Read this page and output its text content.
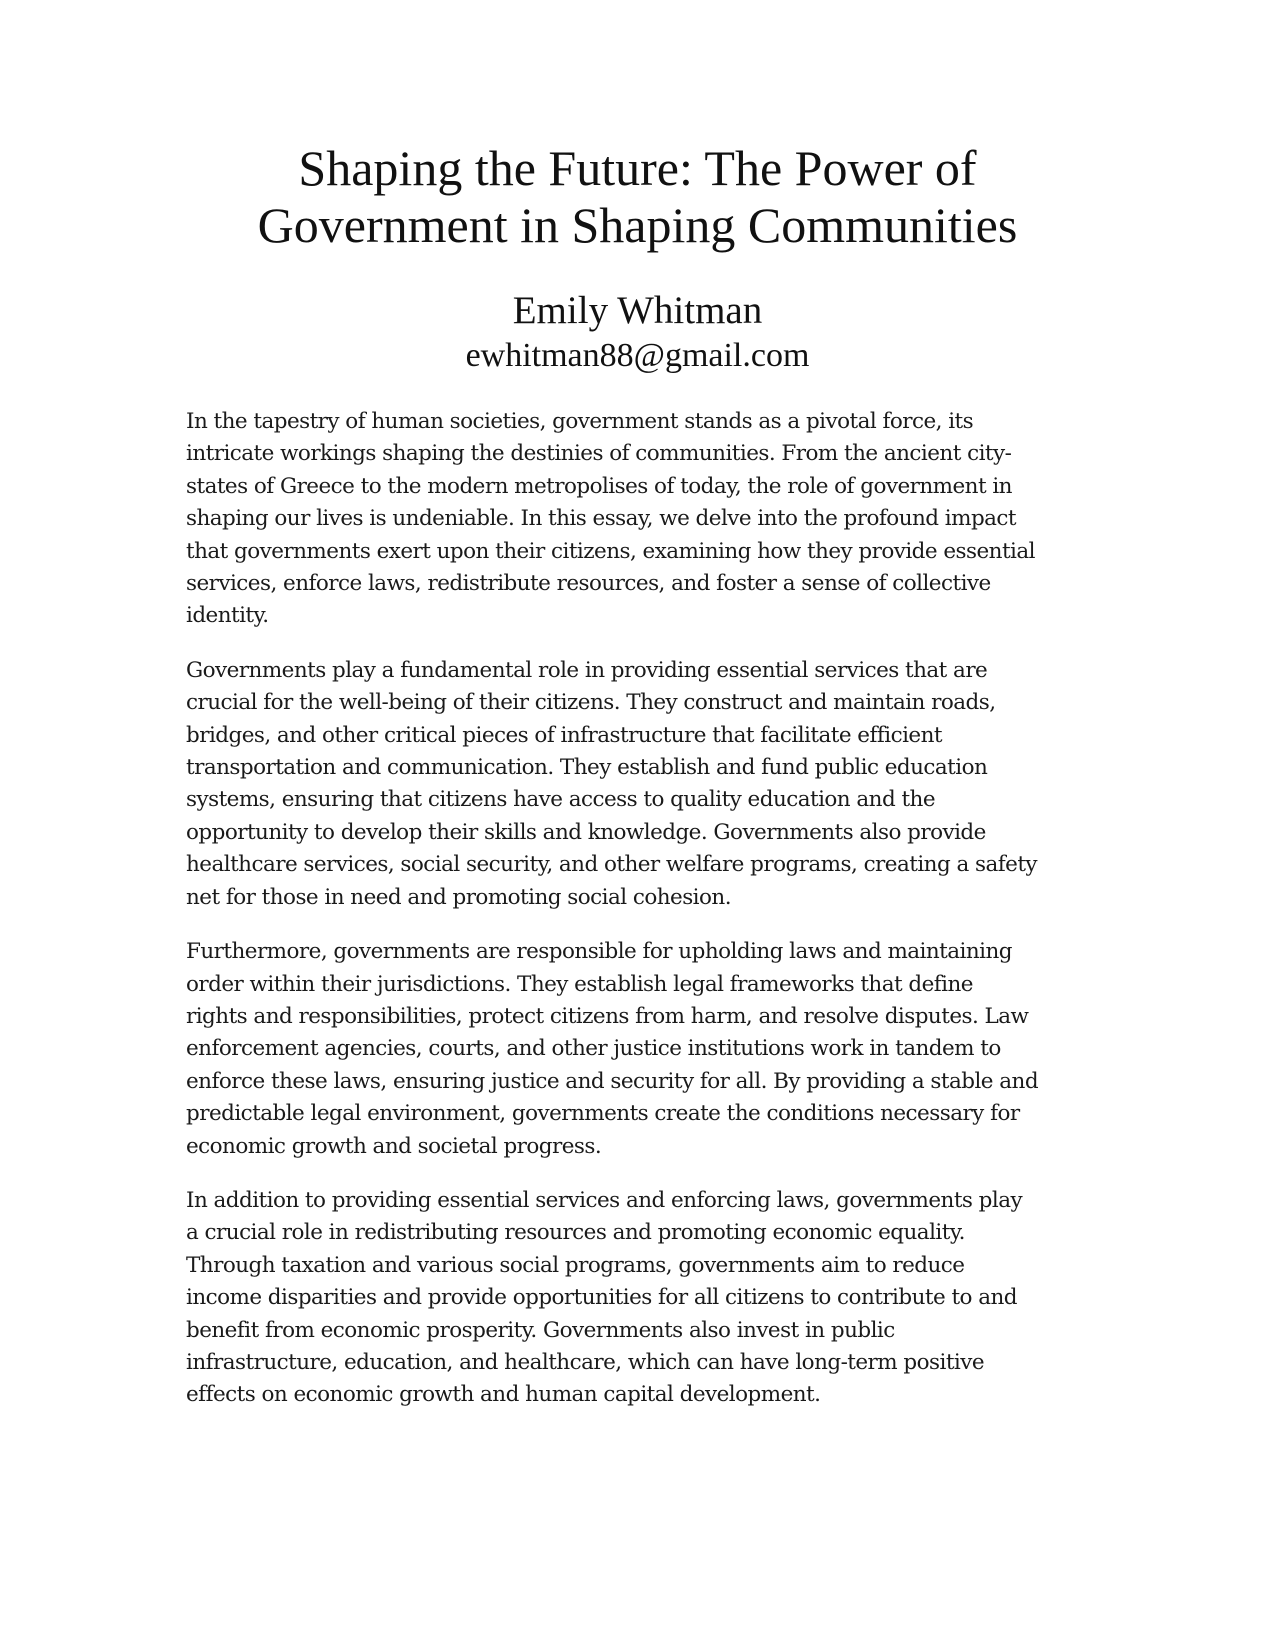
Shaping the Future: The Power of
Government in Shaping Communities

Emily Whitman

ewhitman88@gmail.com

In the tapestry of human societies, government stands as a pivotal force, its
intricate workings shaping the destinies of communities. From the ancient city-
states of Greece to the modern metropolises of today, the role of government in
shaping our lives is undeniable. In this essay, we delve into the profound impact
that governments exert upon their citizens, examining how they provide essential
services, enforce laws, redistribute resources, and foster a sense of collective
identity.

Governments play a fundamental role in providing essential services that are
crucial for the well-being of their citizens. They construct and maintain roads,
bridges, and other critical pieces of infrastructure that facilitate efficient
transportation and communication. They establish and fund public education
systems, ensuring that citizens have access to quality education and the
opportunity to develop their skills and knowledge. Governments also provide
healthcare services, social security, and other welfare programs, creating a safety
net for those in need and promoting social cohesion.

Furthermore, governments are responsible for upholding laws and maintaining
order within their jurisdictions. They establish legal frameworks that define
rights and responsibilities, protect citizens from harm, and resolve disputes. Law
enforcement agencies, courts, and other justice institutions work in tandem to
enforce these laws, ensuring justice and security for all. By providing a stable and
predictable legal environment, governments create the conditions necessary for
economic growth and societal progress.

In addition to providing essential services and enforcing laws, governments play
a crucial role in redistributing resources and promoting economic equality.
Through taxation and various social programs, governments aim to reduce
income disparities and provide opportunities for all citizens to contribute to and
benefit from economic prosperity. Governments also invest in public
infrastructure, education, and healthcare, which can have long-term positive
effects on economic growth and human capital development.
